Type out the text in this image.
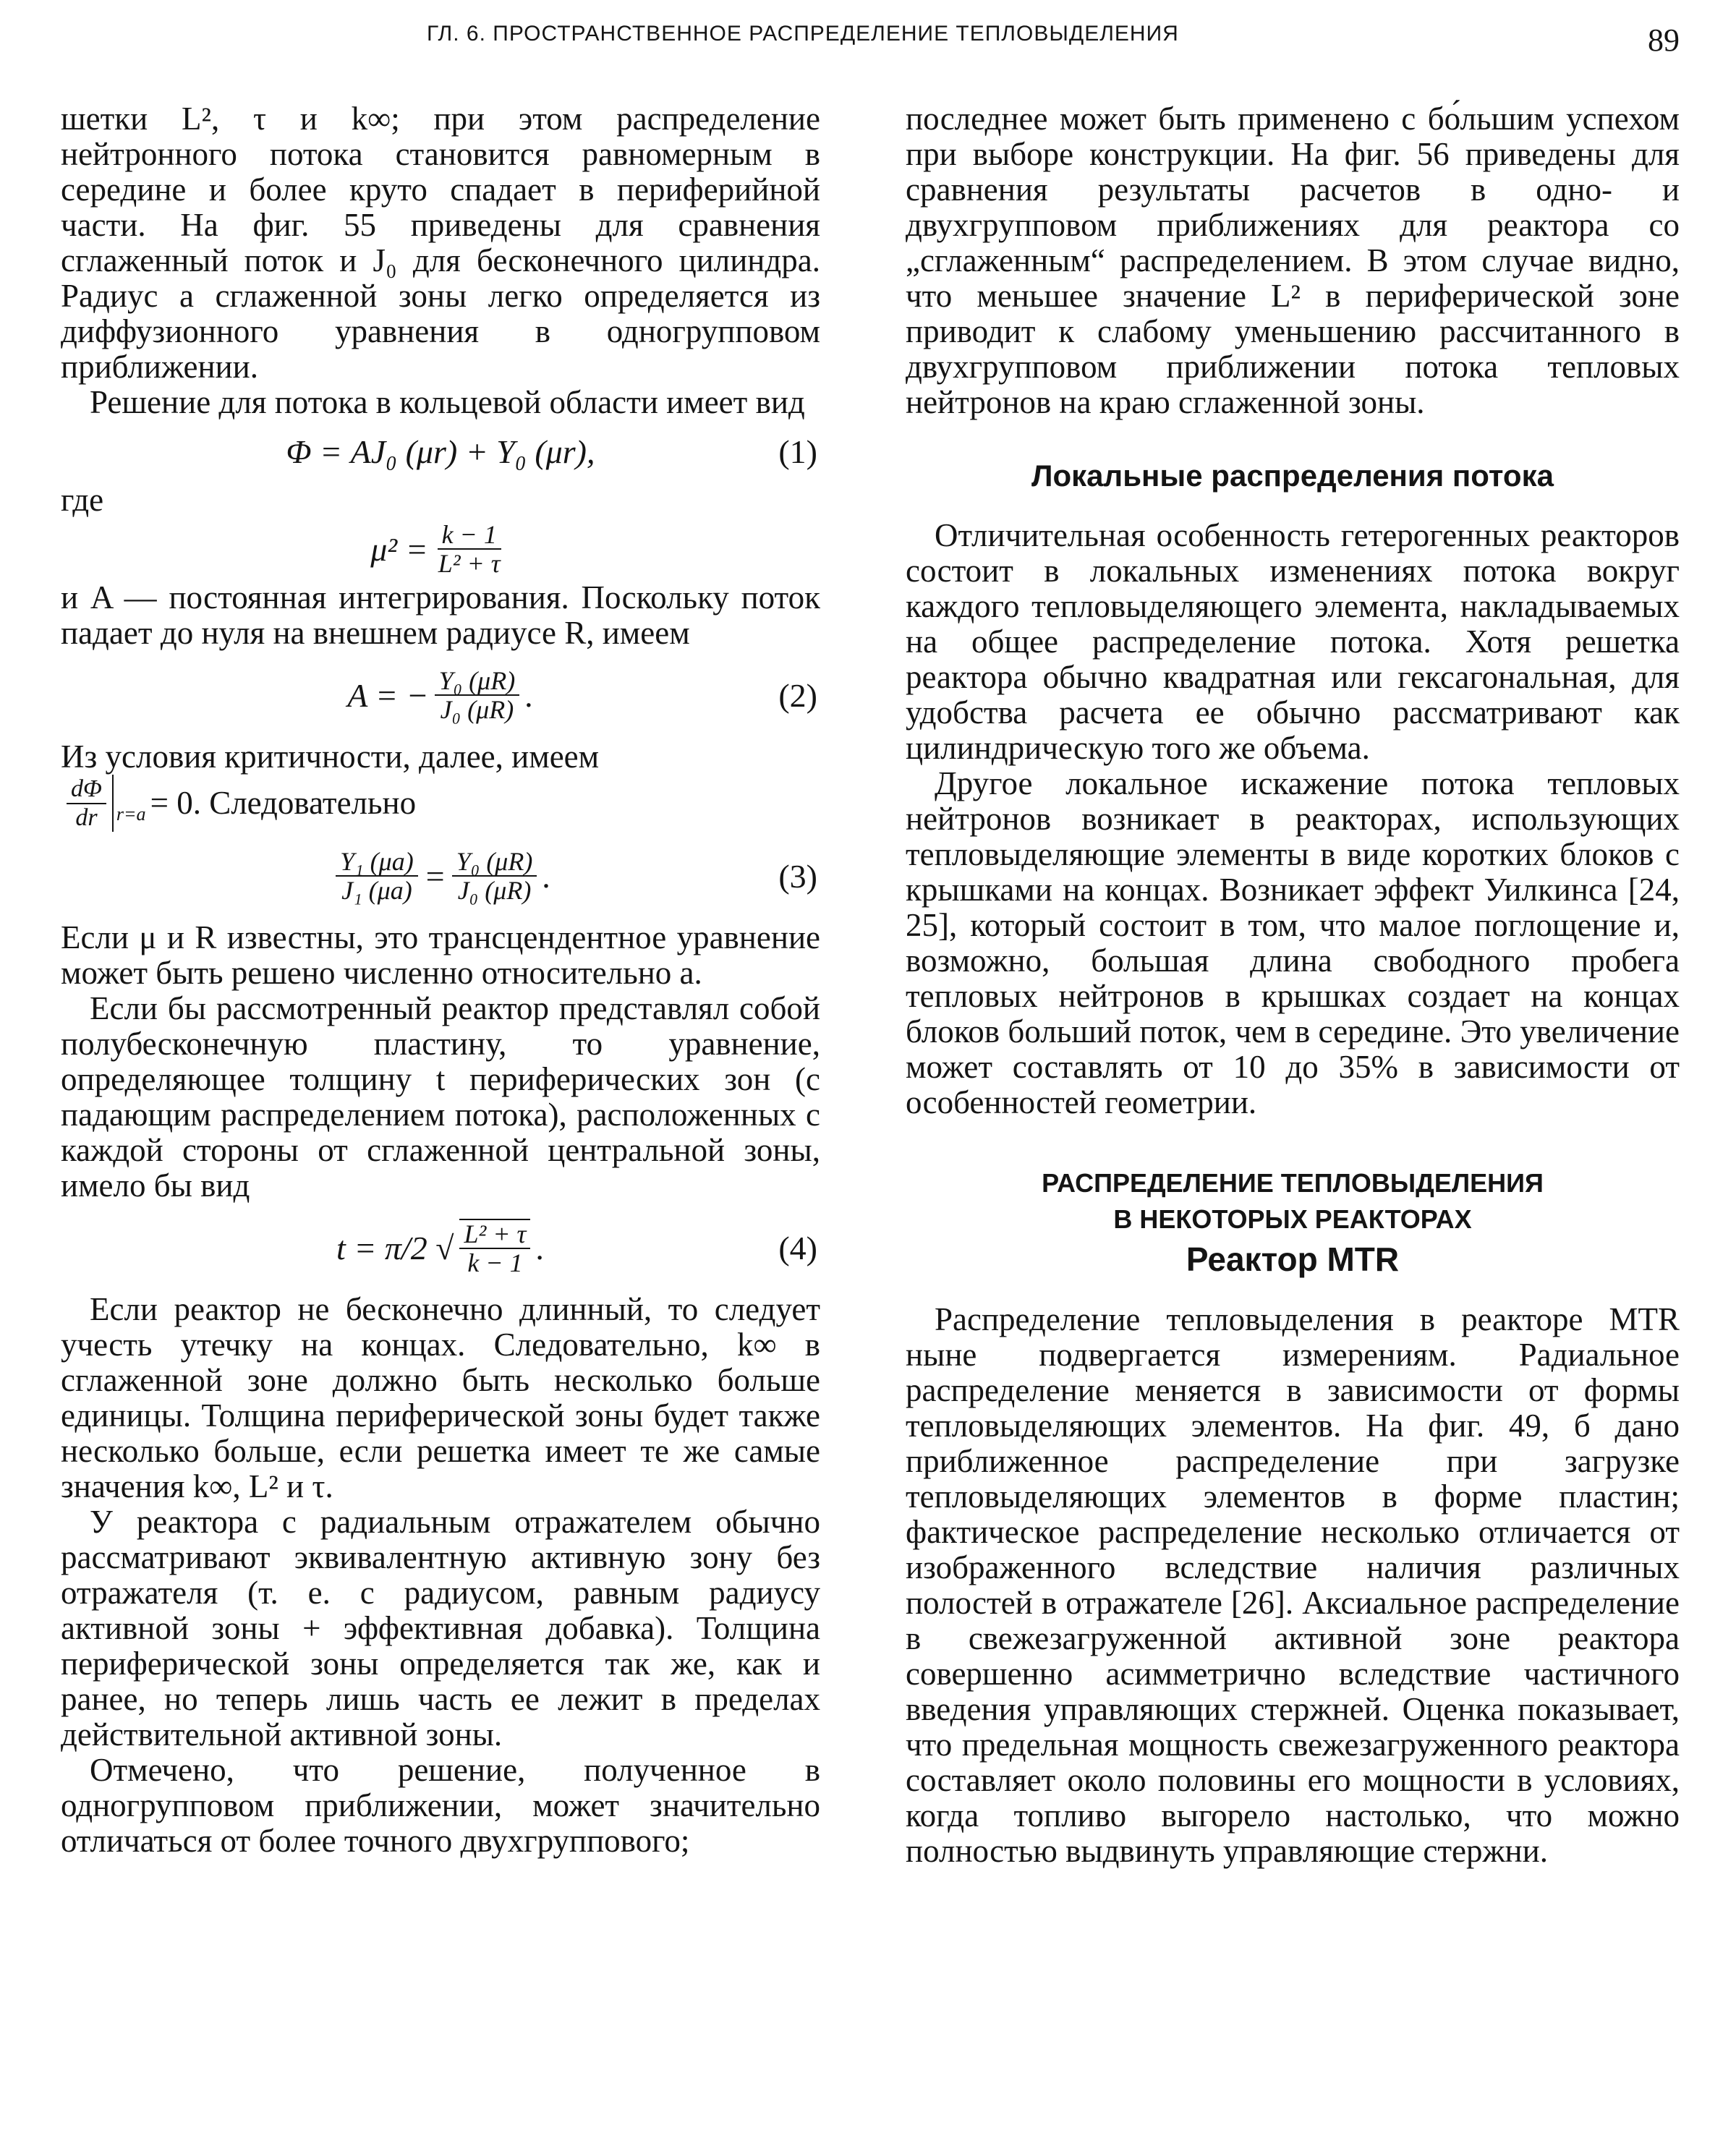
ГЛ. 6. ПРОСТРАНСТВЕННОЕ РАСПРЕДЕЛЕНИЕ ТЕПЛОВЫДЕЛЕНИЯ	89

шетки L², τ и k∞; при этом распределение нейтронного потока становится равномерным в середине и более круто спадает в периферийной части. На фиг. 55 приведены для сравнения сглаженный поток и J₀ для бесконечного цилиндра. Радиус a сглаженной зоны легко определяется из диффузионного уравнения в одногрупповом приближении.

Решение для потока в кольцевой области имеет вид

Φ = AJ₀ (μr) + Y₀ (μr),	(1)

где

$\mu^2 = \frac{k - 1}{\text{L² + τ}}$

и A — постоянная интегрирования. Поскольку поток падает до нуля на внешнем радиусе R, имеем

A = − $\frac{\text{Y₀ (μR)}}{\text{J₀ (μR)}}$ .	(2)

Из условия критичности, далее, имеем

$\frac{d\Phi}{dr} r=a = 0$. Следовательно
$\frac{\text{Y₁ (μa)}}{\text{J₁ (μa)}} = \frac{\text{Y₀ (μR)}}{\text{J₀ (μR)}}$ .	(3)

Если μ и R известны, это трансцендентное уравнение может быть решено численно относительно a.

Если бы рассмотренный реактор представлял собой полубесконечную пластину, то уравнение, определяющее толщину t периферических зон (с падающим распределением потока), расположенных с каждой стороны от сглаженной центральной зоны, имело бы вид

t = π/2 √ $\frac{\text{L² + τ}}{k - 1}$ .	(4)

Если реактор не бесконечно длинный, то следует учесть утечку на концах. Следовательно, k∞ в сглаженной зоне должно быть несколько больше единицы. Толщина периферической зоны будет также несколько больше, если решетка имеет те же самые значения k∞, L² и τ.

У реактора с радиальным отражателем обычно рассматривают эквивалентную активную зону без отражателя (т. е. с радиусом, равным радиусу активной зоны + эффективная добавка). Толщина периферической зоны определяется так же, как и ранее, но теперь лишь часть ее лежит в пределах действительной активной зоны.

Отмечено, что решение, полученное в одногрупповом приближении, может значительно отличаться от более точного двухгруппового;

последнее может быть применено с бо́льшим успехом при выборе конструкции. На фиг. 56 приведены для сравнения результаты расчетов в одно- и двухгрупповом приближениях для реактора со „сглаженным“ распределением. В этом случае видно, что меньшее значение L² в периферической зоне приводит к слабому уменьшению рассчитанного в двухгрупповом приближении потока тепловых нейтронов на краю сглаженной зоны.

Локальные распределения потока

Отличительная особенность гетерогенных реакторов состоит в локальных изменениях потока вокруг каждого тепловыделяющего элемента, накладываемых на общее распределение потока. Хотя решетка реактора обычно квадратная или гексагональная, для удобства расчета ее обычно рассматривают как цилиндрическую того же объема.

Другое локальное искажение потока тепловых нейтронов возникает в реакторах, использующих тепловыделяющие элементы в виде коротких блоков с крышками на концах. Возникает эффект Уилкинса [24, 25], который состоит в том, что малое поглощение и, возможно, большая длина свободного пробега тепловых нейтронов в крышках создает на концах блоков больший поток, чем в середине. Это увеличение может составлять от 10 до 35% в зависимости от особенностей геометрии.

РАСПРЕДЕЛЕНИЕ ТЕПЛОВЫДЕЛЕНИЯ
В НЕКОТОРЫХ РЕАКТОРАХ
Реактор MTR

Распределение тепловыделения в реакторе MTR ныне подвергается измерениям. Радиальное распределение меняется в зависимости от формы тепловыделяющих элементов. На фиг. 49, б дано приближенное распределение при загрузке тепловыделяющих элементов в форме пластин; фактическое распределение несколько отличается от изображенного вследствие наличия различных полостей в отражателе [26]. Аксиальное распределение в свежезагруженной активной зоне реактора совершенно асимметрично вследствие частичного введения управляющих стержней. Оценка показывает, что предельная мощность свежезагруженного реактора составляет около половины его мощности в условиях, когда топливо выгорело настолько, что можно полностью выдвинуть управляющие стержни.
